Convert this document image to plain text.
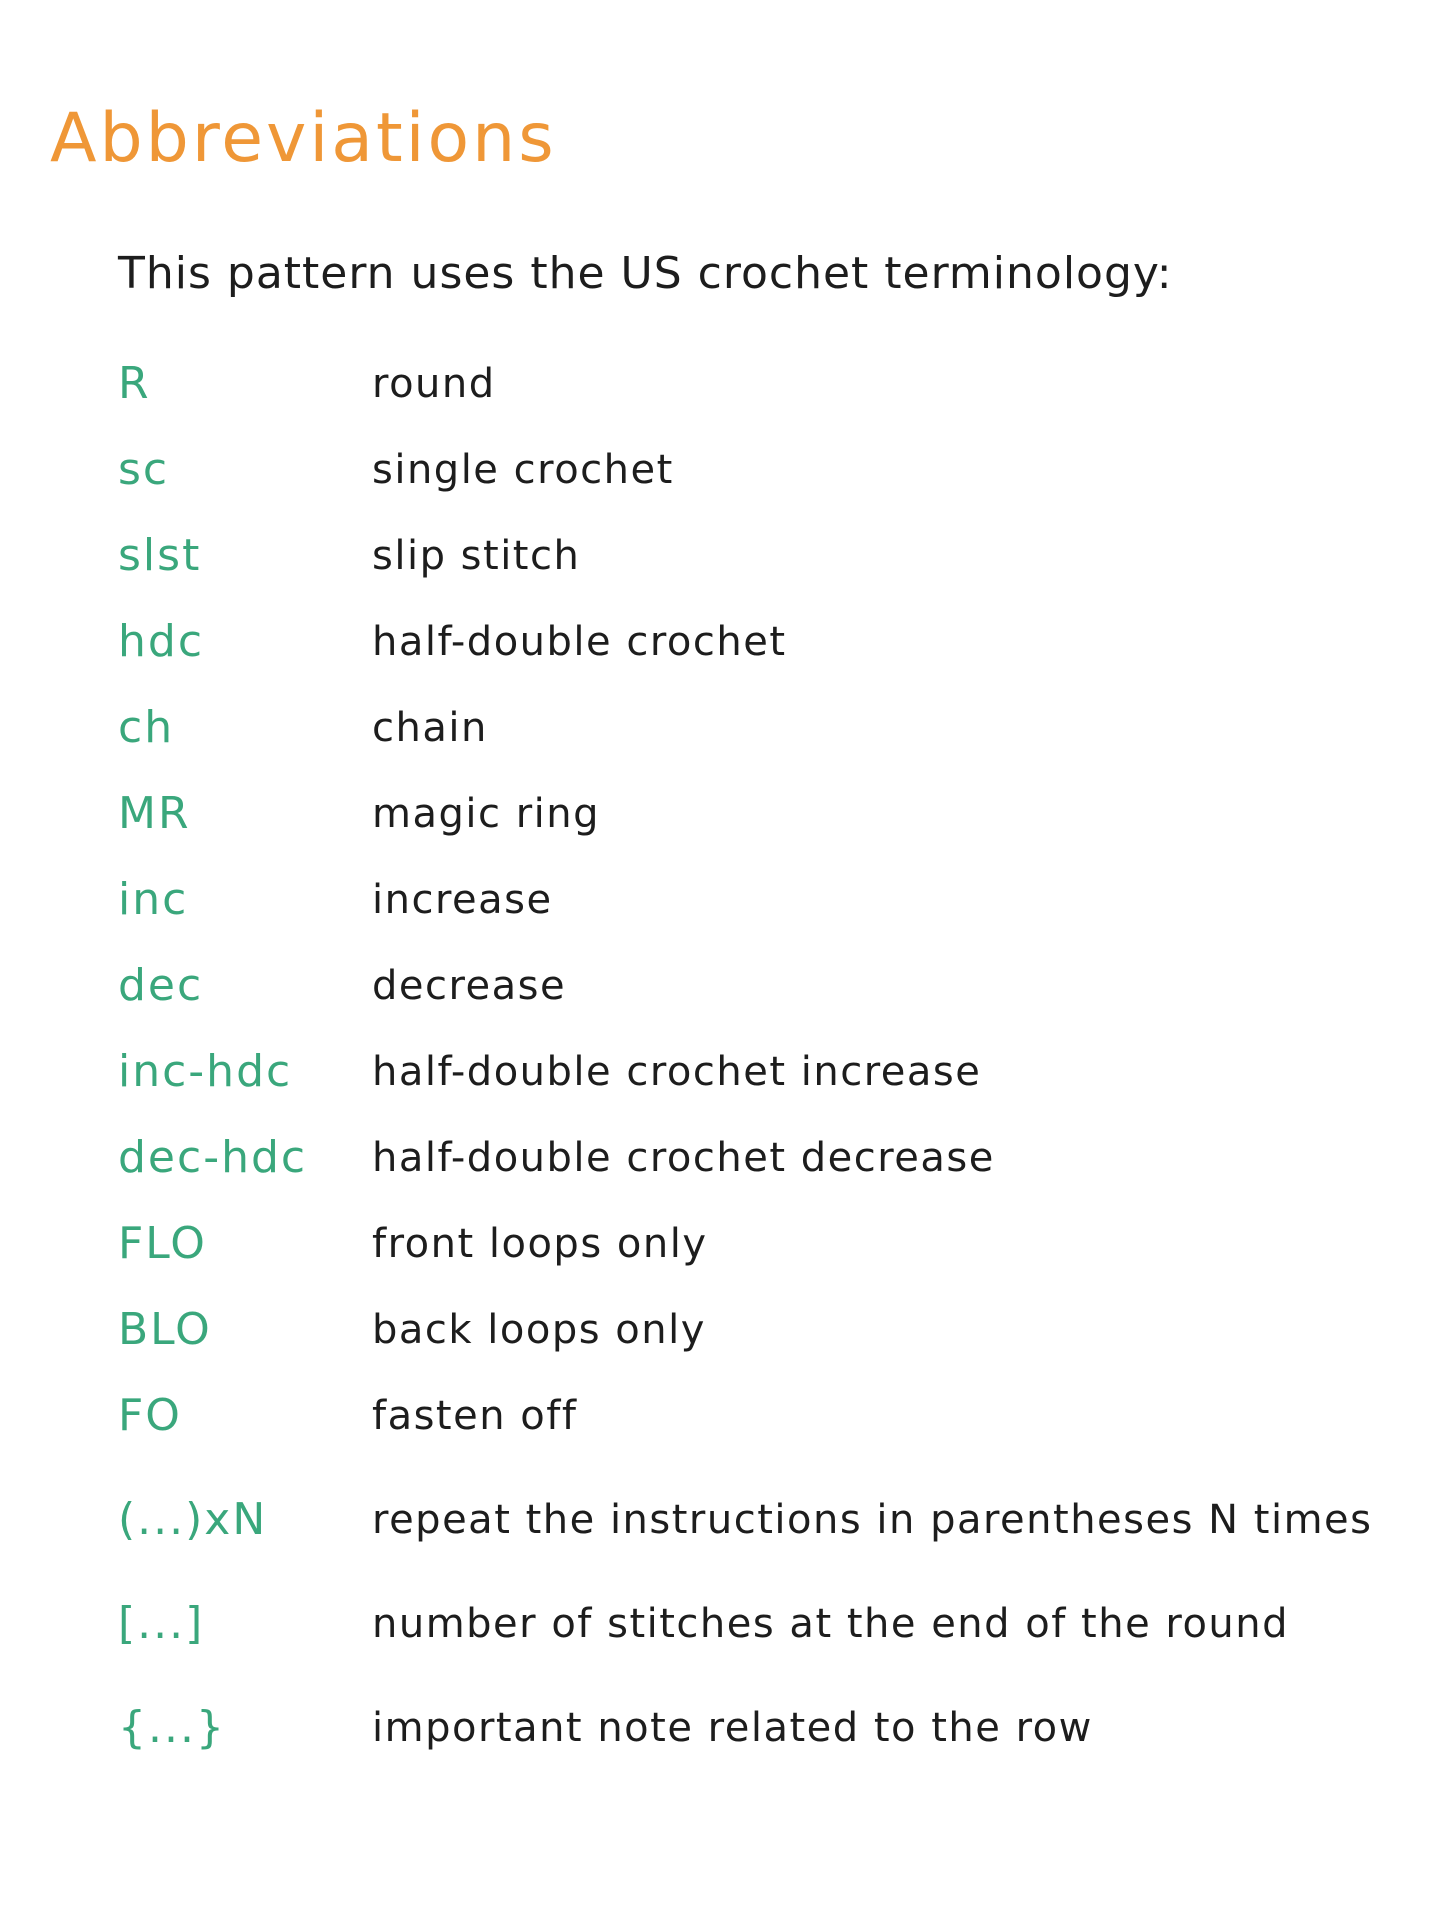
Abbreviations

This pattern uses the US crochet terminology:

R	round
sc	single crochet
slst	slip stitch
hdc	half-double crochet
ch	chain
MR	magic ring
inc	increase
dec	decrease
inc-hdc half-double crochet increase
dec-hdc half-double crochet decrease
FLO	front loops only
BLO	back loops only
FO	fasten off
(...)xN	repeat the instructions in parentheses N times
[...]	number of stitches at the end of the round
{...}	important note related to the row
